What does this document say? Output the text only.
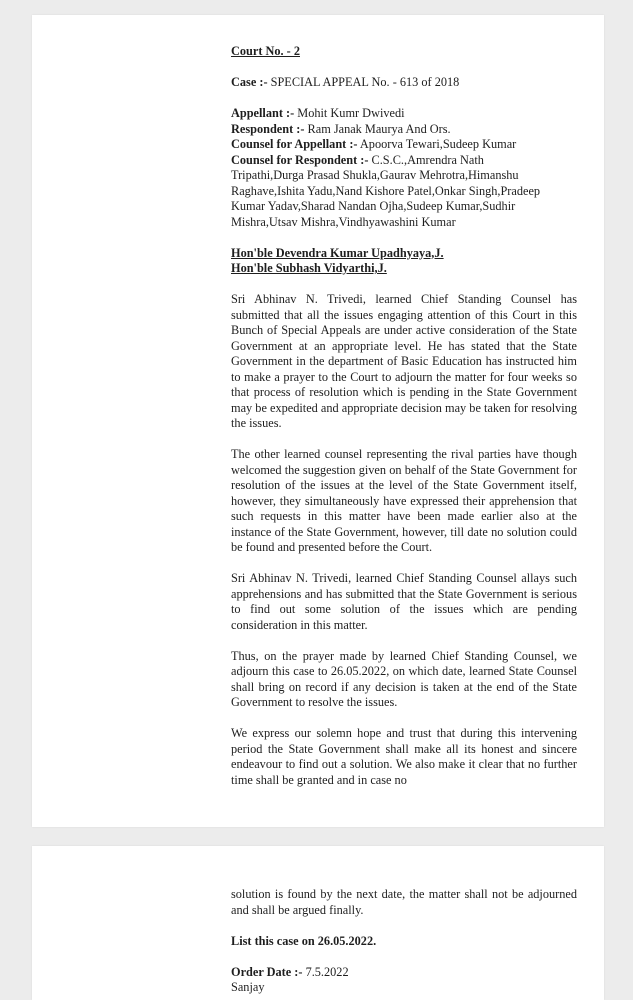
Court No. - 2
Case :- SPECIAL APPEAL No. - 613 of 2018
Appellant :- Mohit Kumr Dwivedi
Respondent :- Ram Janak Maurya And Ors.
Counsel for Appellant :- Apoorva Tewari,Sudeep Kumar
Counsel for Respondent :- C.S.C.,Amrendra Nath
Tripathi,Durga Prasad Shukla,Gaurav Mehrotra,Himanshu
Raghave,Ishita Yadu,Nand Kishore Patel,Onkar Singh,Pradeep
Kumar Yadav,Sharad Nandan Ojha,Sudeep Kumar,Sudhir
Mishra,Utsav Mishra,Vindhyawashini Kumar
Hon'ble Devendra Kumar Upadhyaya,J.
Hon'ble Subhash Vidyarthi,J.

Sri Abhinav N. Trivedi, learned Chief Standing Counsel has submitted that all the issues engaging attention of this Court in this Bunch of Special Appeals are under active consideration of the State Government at an appropriate level. He has stated that the State Government in the department of Basic Education has instructed him to make a prayer to the Court to adjourn the matter for four weeks so that process of resolution which is pending in the State Government may be expedited and appropriate decision may be taken for resolving the issues.

The other learned counsel representing the rival parties have though welcomed the suggestion given on behalf of the State Government for resolution of the issues at the level of the State Government itself, however, they simultaneously have expressed their apprehension that such requests in this matter have been made earlier also at the instance of the State Government, however, till date no solution could be found and presented before the Court.

Sri Abhinav N. Trivedi, learned Chief Standing Counsel allays such apprehensions and has submitted that the State Government is serious to find out some solution of the issues which are pending consideration in this matter.

Thus, on the prayer made by learned Chief Standing Counsel, we adjourn this case to 26.05.2022, on which date, learned State Counsel shall bring on record if any decision is taken at the end of the State Government to resolve the issues.

We express our solemn hope and trust that during this intervening period the State Government shall make all its honest and sincere endeavour to find out a solution. We also make it clear that no further time shall be granted and in case no

solution is found by the next date, the matter shall not be adjourned and shall be argued finally.

List this case on 26.05.2022.
Order Date :- 7.5.2022
Sanjay
